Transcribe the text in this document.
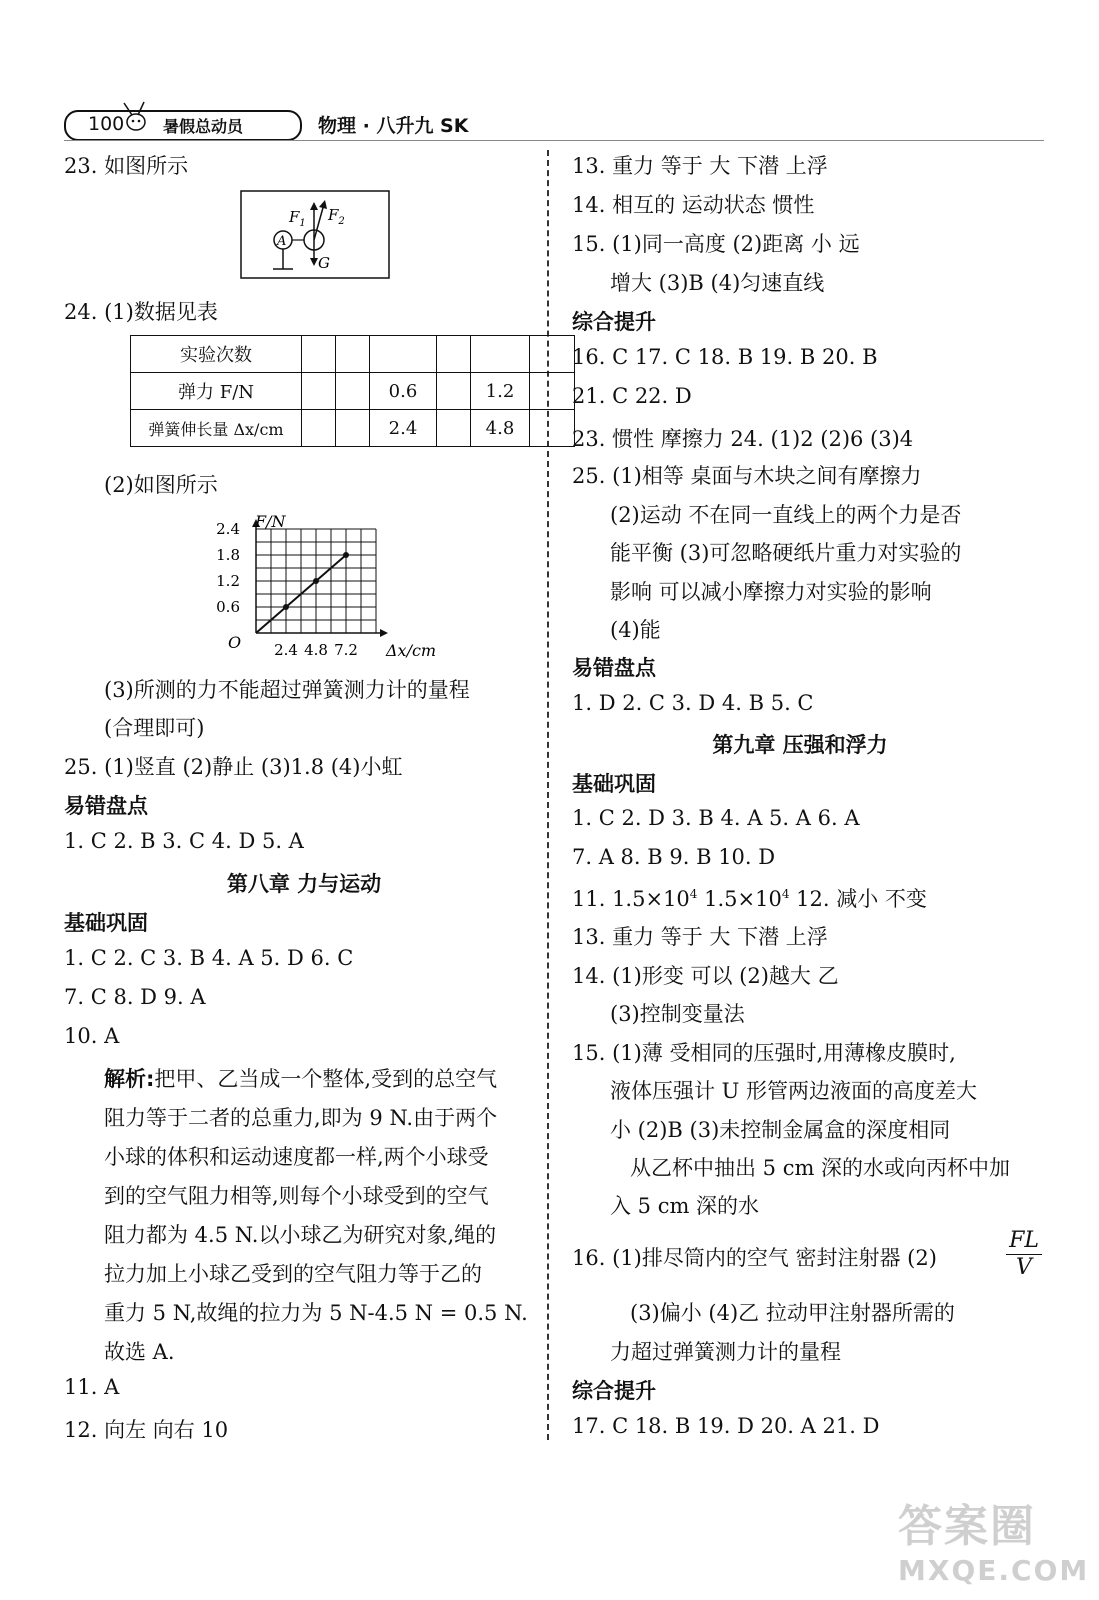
100 暑假总动员	物理 · 八升九 SK
23. 如图所示
A
$F_1$ $F_2$
G
24. (1)数据见表
实验次数						
弹力 F/N			0.6		1.2	
弹簧伸长量 Δx/cm			2.4		4.8	
(2)如图所示
F/N
Δx/cm
O
2.4
1.8
1.2
0.6
2.4 4.8 7.2
(3)所测的力不能超过弹簧测力计的量程
(合理即可)
25. (1)竖直 (2)静止 (3)1.8 (4)小虹
易错盘点
1. C 2. B 3. C 4. D 5. A
第八章 力与运动
基础巩固
1. C 2. C 3. B 4. A 5. D 6. C
7. C 8. D 9. A
10. A
解析:把甲、乙当成一个整体,受到的总空气
阻力等于二者的总重力,即为 9 N.由于两个
小球的体积和运动速度都一样,两个小球受
到的空气阻力相等,则每个小球受到的空气
阻力都为 4.5 N.以小球乙为研究对象,绳的
拉力加上小球乙受到的空气阻力等于乙的
重力 5 N,故绳的拉力为 5 N-4.5 N = 0.5 N.
故选 A.
11. A
12. 向左 向右 10
13. 重力 等于 大 下潜 上浮
14. 相互的 运动状态 惯性
15. (1)同一高度 (2)距离 小 远
增大 (3)B (4)匀速直线
综合提升
16. C 17. C 18. B 19. B 20. B
21. C 22. D
23. 惯性 摩擦力 24. (1)2 (2)6 (3)4
25. (1)相等 桌面与木块之间有摩擦力
(2)运动 不在同一直线上的两个力是否
能平衡 (3)可忽略硬纸片重力对实验的
影响 可以减小摩擦力对实验的影响
(4)能
易错盘点
1. D 2. C 3. D 4. B 5. C
第九章 压强和浮力
基础巩固
1. C 2. D 3. B 4. A 5. A 6. A
7. A 8. B 9. B 10. D
11. $1.5\times 10^4$ $1.5\times 10^4$ 12. 减小 不变
13. 重力 等于 大 下潜 上浮
14. (1)形变 可以 (2)越大 乙
(3)控制变量法
15. (1)薄 受相同的压强时,用薄橡皮膜时,
液体压强计 U 形管两边液面的高度差大
小 (2)B (3)未控制金属盒的深度相同
从乙杯中抽出 5 cm 深的水或向丙杯中加
入 5 cm 深的水
16. (1)排尽筒内的空气 密封注射器 (2)	$\frac{FL}{V}$
(3)偏小 (4)乙 拉动甲注射器所需的
力超过弹簧测力计的量程
综合提升
17. C 18. B 19. D 20. A 21. D
答案圈
MXQE.COM
